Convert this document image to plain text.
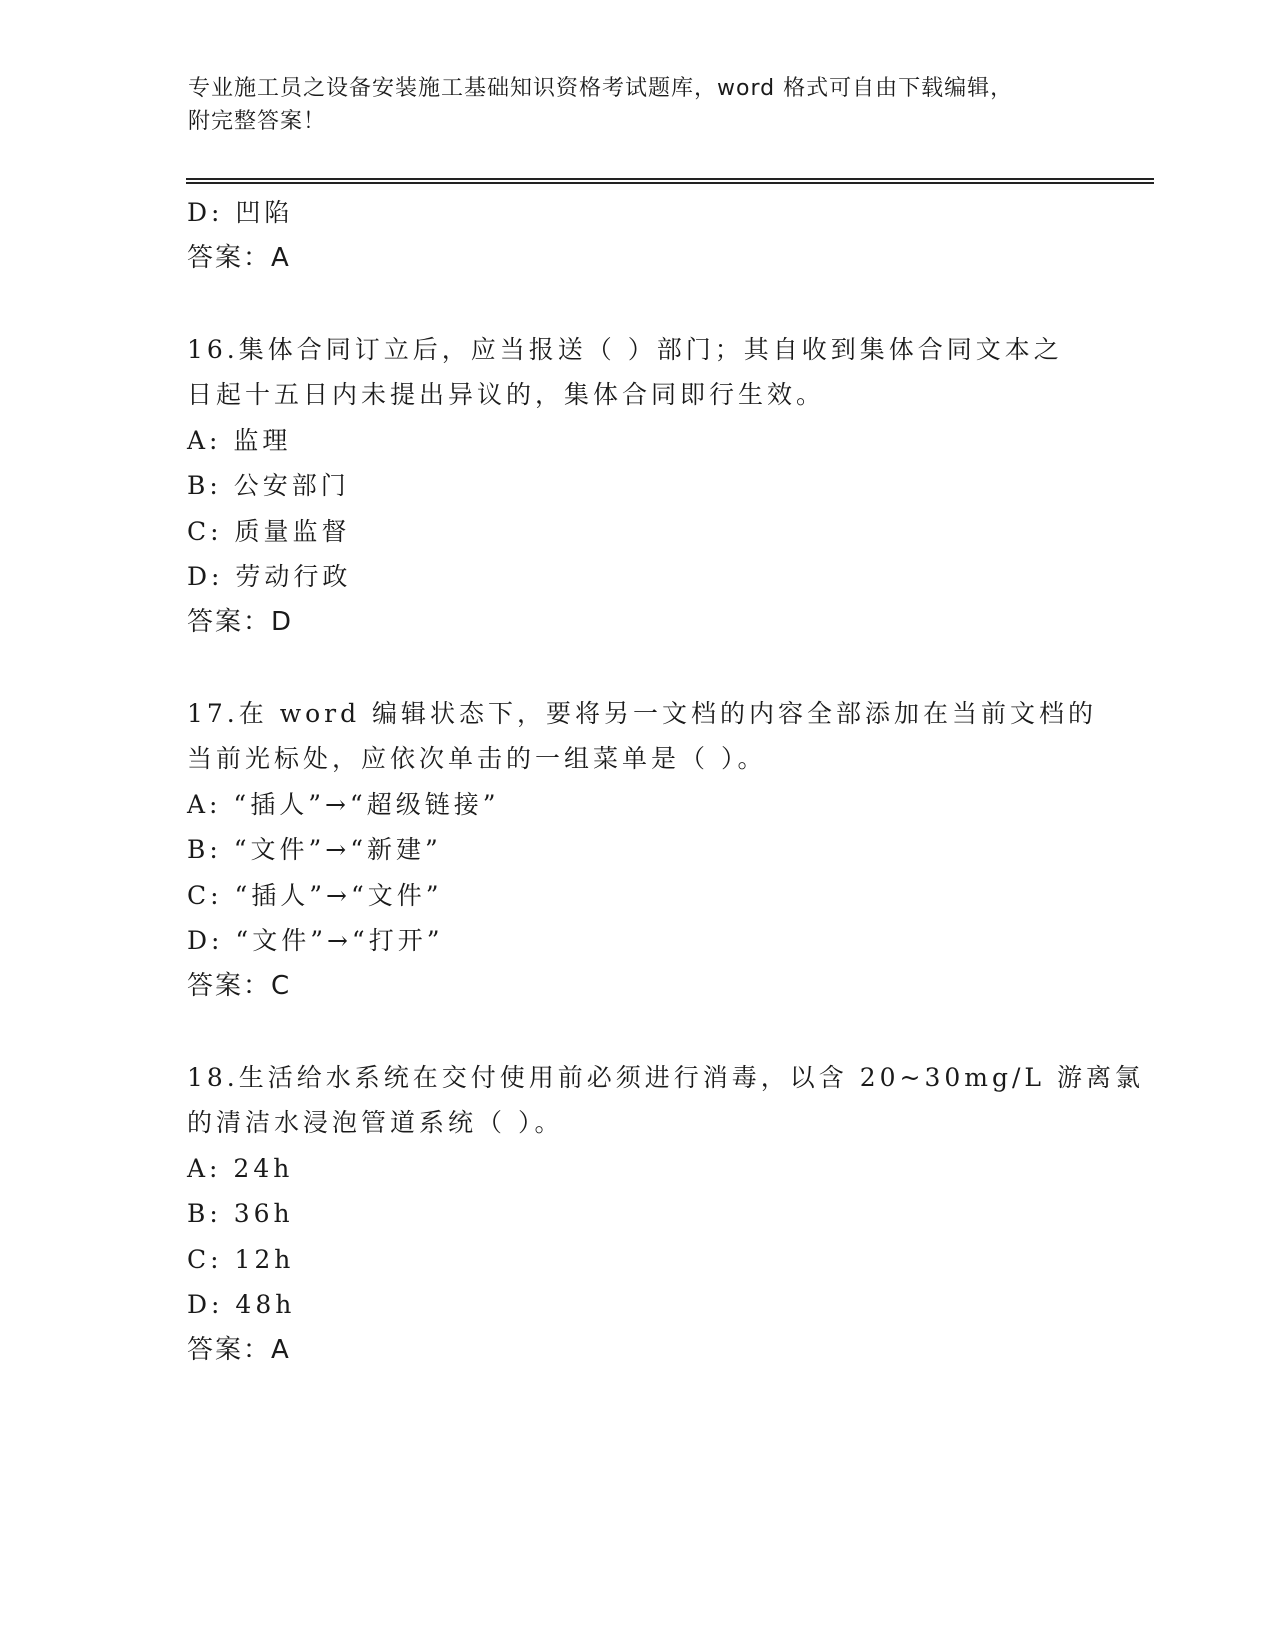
专业施工员之设备安装施工基础知识资格考试题库，word 格式可自由下载编辑，
附完整答案！
D: 凹陷
答案：A
16.集体合同订立后，应当报送（ ）部门；其自收到集体合同文本之
日起十五日内未提出异议的，集体合同即行生效。
A: 监理
B: 公安部门
C: 质量监督
D: 劳动行政
答案：D
17.在 word 编辑状态下，要将另一文档的内容全部添加在当前文档的
当前光标处，应依次单击的一组菜单是（ ）。
A: “插人”→“超级链接”
B: “文件”→“新建”
C: “插人”→“文件”
D: “文件”→“打开”
答案：C
18.生活给水系统在交付使用前必须进行消毒，以含 20~30mg/L 游离氯
的清洁水浸泡管道系统（ ）。
A: 24h
B: 36h
C: 12h
D: 48h
答案：A
